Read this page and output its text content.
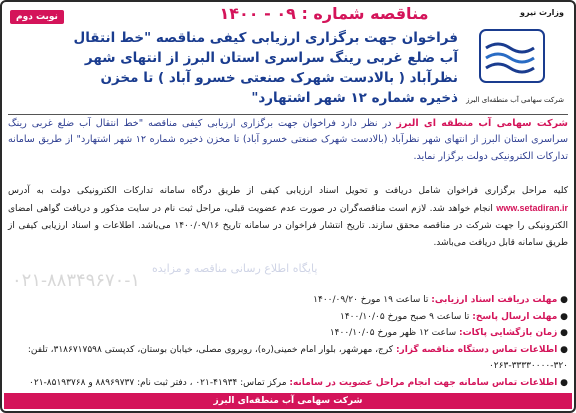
نوبت دوم	مناقصه شماره : ۰۹ - ۱۴۰۰	وزارت نیرو
شرکت سهامی آب منطقه‌ای البرز
فراخوان جهت برگزاری ارزیابی کیفی مناقصه "خط انتقال آب ضلع غربی رینگ سراسری استان البرز از انتهای شهر نظرآباد ( بالادست شهرک صنعتی خسرو آباد ) تا مخزن ذخیره شماره ۱۲ شهر اشتهارد"
شرکت سهامی آب منطقه ای البرز در نظر دارد فراخوان جهت برگزاری ارزیابی کیفی مناقصه "خط انتقال آب ضلع غربی رینگ سراسری استان البرز از انتهای شهر نظرآباد (بالادست شهرک صنعتی خسرو آباد) تا مخزن ذخیره شماره ۱۲ شهر اشتهارد" از طریق سامانه تدارکات الکترونیکی دولت برگزار نماید.
کلیه مراحل برگزاری فراخوان شامل دریافت و تحویل اسناد ارزیابی کیفی از طریق درگاه سامانه تدارکات الکترونیکی دولت به آدرس www.setadiran.ir انجام خواهد شد. لازم است مناقصه‌گران در صورت عدم عضویت قبلی، مراحل ثبت نام در سایت مذکور و دریافت گواهی امضای الکترونیکی را جهت شرکت در مناقصه محقق سازند. تاریخ انتشار فراخوان در سامانه تاریخ ۱۴۰۰/۰۹/۱۶ می‌باشد. اطلاعات و اسناد ارزیابی کیفی از طریق سامانه قابل دریافت می‌باشد.
پایگاه اطلاع رسانی مناقصه و مزایده
۰۲۱-۸۸۳۴۹۶۷۰-۱
● مهلت دریافت اسناد ارزیابی: تا ساعت ۱۹ مورخ ۱۴۰۰/۰۹/۲۰
● مهلت ارسال پاسخ: تا ساعت ۹ صبح مورخ ۱۴۰۰/۱۰/۰۵
● زمان بازگشایی پاکات: ساعت ۱۲ ظهر مورخ ۱۴۰۰/۱۰/۰۵
● اطلاعات تماس دستگاه مناقصه گزار: کرج، مهرشهر، بلوار امام خمینی(ره)، روبروی مصلی، خیابان بوستان، کدپستی ۳۱۸۶۷۱۷۵۹۸، تلفن: ۳۲۰-۳۳۳۳۰۰۰۰-۰۲۶۳
● اطلاعات تماس سامانه جهت انجام مراحل عضویت در سامانه: مرکز تماس: ۴۱۹۳۴-۰۲۱ ، دفتر ثبت نام: ۸۸۹۶۹۷۳۷ و ۸۵۱۹۳۷۶۸-۰۲۱
شرکت سهامی آب منطقه‌ای البرز
